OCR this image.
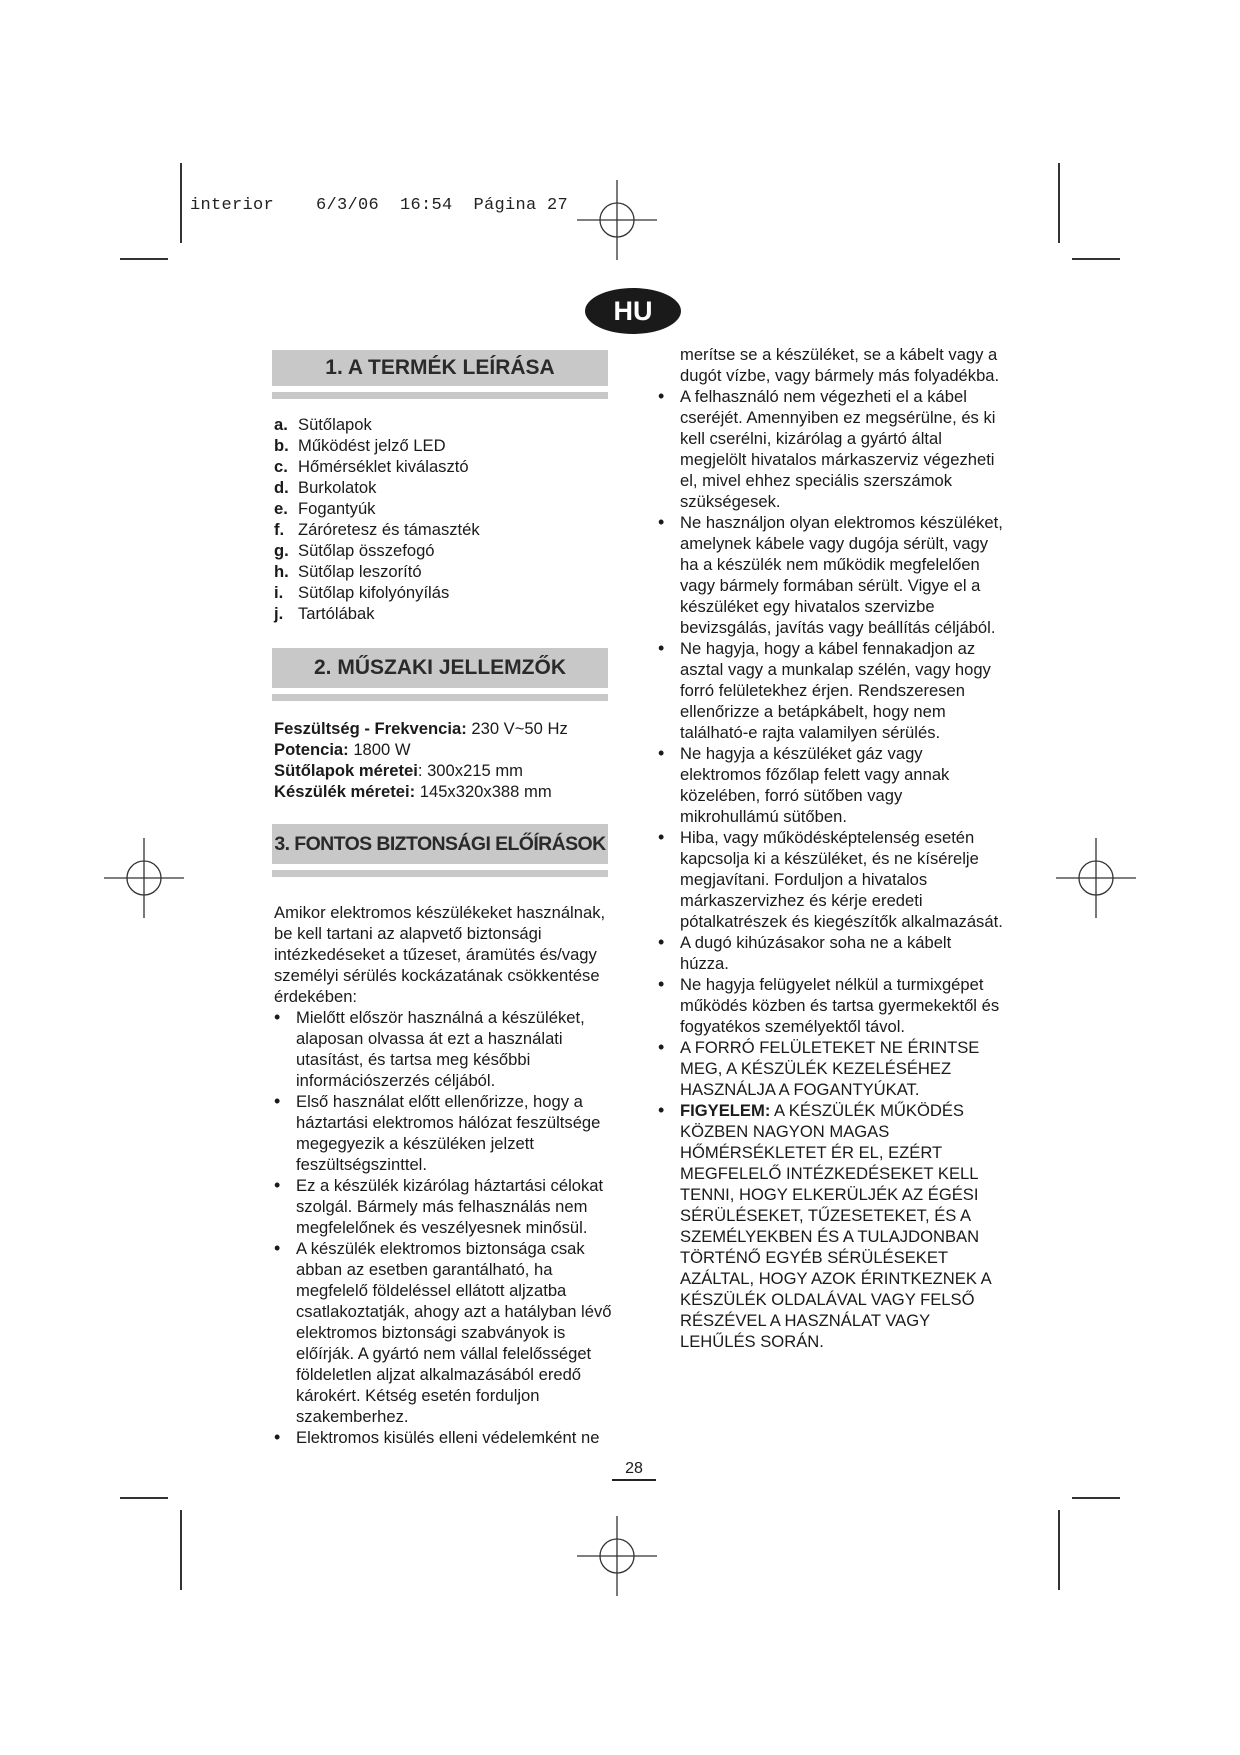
interior    6/3/06  16:54  Página 27
HU
1. A TERMÉK LEÍRÁSA
a. Sütőlapok
b. Működést jelző LED
c. Hőmérséklet kiválasztó
d. Burkolatok
e. Fogantyúk
f. Záróretesz és támaszték
g. Sütőlap összefogó
h. Sütőlap leszorító
i. Sütőlap kifolyónyílás
j. Tartólábak
2. MŰSZAKI JELLEMZŐK
Feszültség - Frekvencia: 230 V~50 Hz
Potencia: 1800 W
Sütőlapok méretei: 300x215 mm
Készülék méretei: 145x320x388 mm
3. FONTOS BIZTONSÁGI ELŐÍRÁSOK

Amikor elektromos készülékeket használnak, be kell tartani az alapvető biztonsági intézkedéseket a tűzeset, áramütés és/vagy személyi sérülés kockázatának csökkentése érdekében:

• Mielőtt először használná a készüléket, alaposan olvassa át ezt a használati utasítást, és tartsa meg későbbi információszerzés céljából.
• Első használat előtt ellenőrizze, hogy a háztartási elektromos hálózat feszültsége megegyezik a készüléken jelzett feszültségszinttel.
• Ez a készülék kizárólag háztartási célokat szolgál. Bármely más felhasználás nem megfelelőnek és veszélyesnek minősül.
• A készülék elektromos biztonsága csak abban az esetben garantálható, ha megfelelő földeléssel ellátott aljzatba csatlakoztatják, ahogy azt a hatályban lévő elektromos biztonsági szabványok is előírják. A gyártó nem vállal felelősséget földeletlen aljzat alkalmazásából eredő károkért. Kétség esetén forduljon szakemberhez.
• Elektromos kisülés elleni védelemként ne

merítse se a készüléket, se a kábelt vagy a dugót vízbe, vagy bármely más folyadékba.

• A felhasználó nem végezheti el a kábel cseréjét. Amennyiben ez megsérülne, és ki kell cserélni, kizárólag a gyártó által megjelölt hivatalos márkaszerviz végezheti el, mivel ehhez speciális szerszámok szükségesek.
• Ne használjon olyan elektromos készüléket, amelynek kábele vagy dugója sérült, vagy ha a készülék nem működik megfelelően vagy bármely formában sérült. Vigye el a készüléket egy hivatalos szervizbe bevizsgálás, javítás vagy beállítás céljából.
• Ne hagyja, hogy a kábel fennakadjon az asztal vagy a munkalap szélén, vagy hogy forró felületekhez érjen. Rendszeresen ellenőrizze a betápkábelt, hogy nem található-e rajta valamilyen sérülés.
• Ne hagyja a készüléket gáz vagy elektromos főzőlap felett vagy annak közelében, forró sütőben vagy mikrohullámú sütőben.
• Hiba, vagy működésképtelenség esetén kapcsolja ki a készüléket, és ne kísérelje megjavítani. Forduljon a hivatalos márkaszervizhez és kérje eredeti pótalkatrészek és kiegészítők alkalmazását.
• A dugó kihúzásakor soha ne a kábelt húzza.
• Ne hagyja felügyelet nélkül a turmixgépet működés közben és tartsa gyermekektől és fogyatékos személyektől távol.
• A FORRÓ FELÜLETEKET NE ÉRINTSE MEG, A KÉSZÜLÉK KEZELÉSÉHEZ HASZNÁLJA A FOGANTYÚKAT.
• FIGYELEM: A KÉSZÜLÉK MŰKÖDÉS KÖZBEN NAGYON MAGAS HŐMÉRSÉKLETET ÉR EL, EZÉRT MEGFELELŐ INTÉZKEDÉSEKET KELL TENNI, HOGY ELKERÜLJÉK AZ ÉGÉSI SÉRÜLÉSEKET, TŰZESETEKET, ÉS A SZEMÉLYEKBEN ÉS A TULAJDONBAN TÖRTÉNŐ EGYÉB SÉRÜLÉSEKET AZÁLTAL, HOGY AZOK ÉRINTKEZNEK A KÉSZÜLÉK OLDALÁVAL VAGY FELSŐ RÉSZÉVEL A HASZNÁLAT VAGY LEHŰLÉS SORÁN.
28
